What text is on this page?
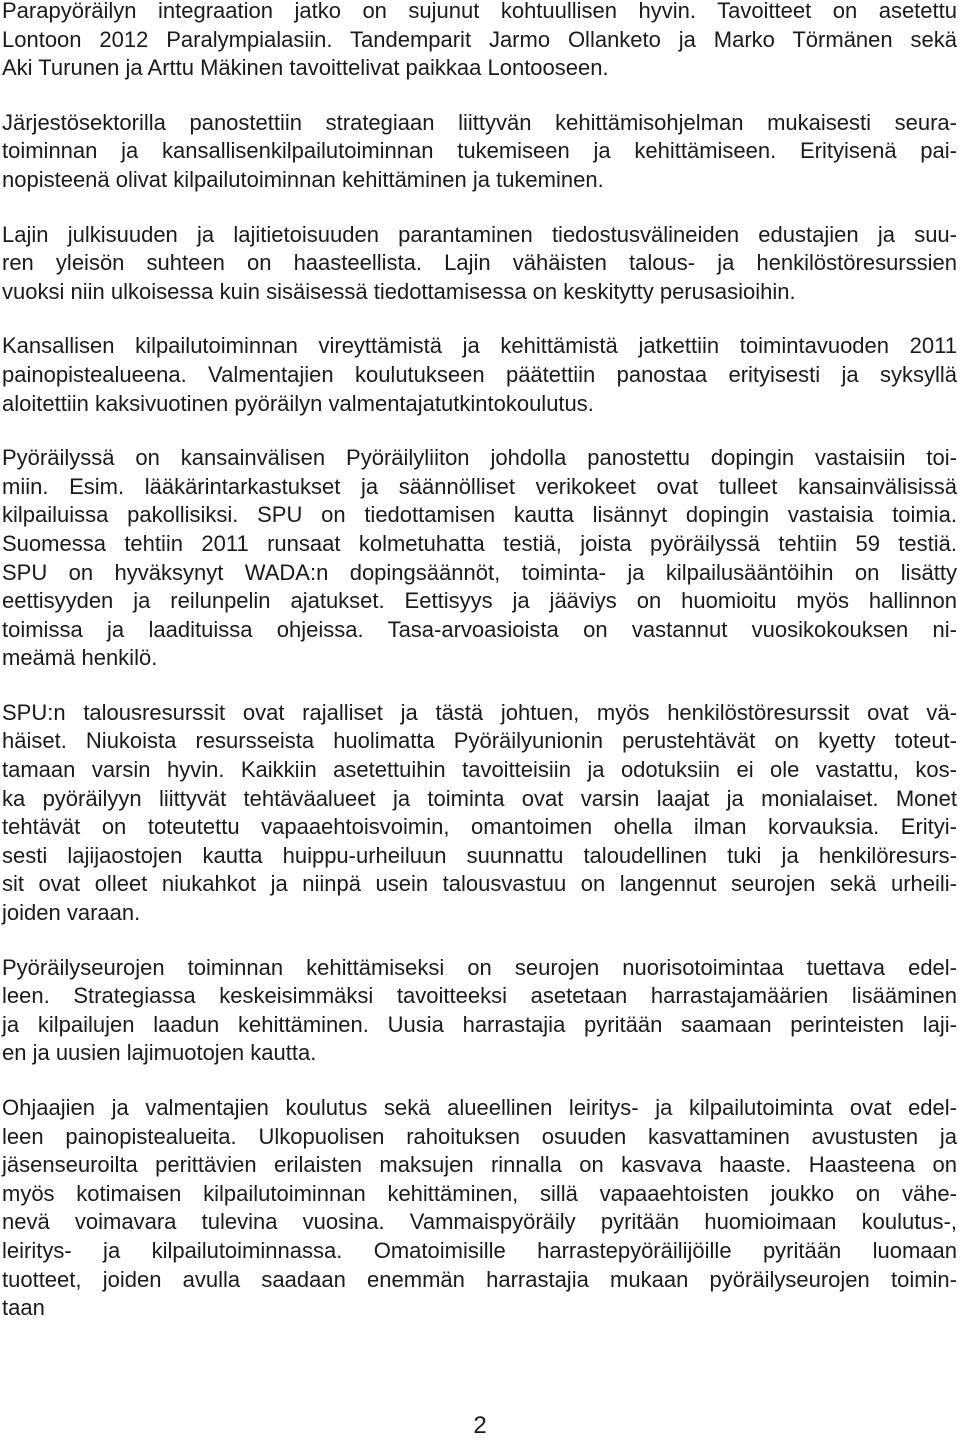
Parapyöräilyn integraation jatko on sujunut kohtuullisen hyvin. Tavoitteet on asetettu
Lontoon 2012 Paralympialasiin. Tandemparit Jarmo Ollanketo ja Marko Törmänen sekä
Aki Turunen ja Arttu Mäkinen tavoittelivat paikkaa Lontooseen.
Järjestösektorilla panostettiin strategiaan liittyvän kehittämisohjelman mukaisesti seura-
toiminnan ja kansallisenkilpailutoiminnan tukemiseen ja kehittämiseen. Erityisenä pai-
nopisteenä olivat kilpailutoiminnan kehittäminen ja tukeminen.
Lajin julkisuuden ja lajitietoisuuden parantaminen tiedostusvälineiden edustajien ja suu-
ren yleisön suhteen on haasteellista. Lajin vähäisten talous- ja henkilöstöresurssien
vuoksi niin ulkoisessa kuin sisäisessä tiedottamisessa on keskitytty perusasioihin.
Kansallisen kilpailutoiminnan vireyttämistä ja kehittämistä jatkettiin toimintavuoden 2011
painopistealueena. Valmentajien koulutukseen päätettiin panostaa erityisesti ja syksyllä
aloitettiin kaksivuotinen pyöräilyn valmentajatutkintokoulutus.
Pyöräilyssä on kansainvälisen Pyöräilyliiton johdolla panostettu dopingin vastaisiin toi-
miin. Esim. lääkärintarkastukset ja säännölliset verikokeet ovat tulleet kansainvälisissä
kilpailuissa pakollisiksi. SPU on tiedottamisen kautta lisännyt dopingin vastaisia toimia.
Suomessa tehtiin 2011 runsaat kolmetuhatta testiä, joista pyöräilyssä tehtiin 59 testiä.
SPU on hyväksynyt WADA:n dopingsäännöt, toiminta- ja kilpailusääntöihin on lisätty
eettisyyden ja reilunpelin ajatukset. Eettisyys ja jääviys on huomioitu myös hallinnon
toimissa ja laadituissa ohjeissa. Tasa-arvoasioista on vastannut vuosikokouksen ni-
meämä henkilö.
SPU:n talousresurssit ovat rajalliset ja tästä johtuen, myös henkilöstöresurssit ovat vä-
häiset. Niukoista resursseista huolimatta Pyöräilyunionin perustehtävät on kyetty toteut-
tamaan varsin hyvin. Kaikkiin asetettuihin tavoitteisiin ja odotuksiin ei ole vastattu, kos-
ka pyöräilyyn liittyvät tehtäväalueet ja toiminta ovat varsin laajat ja monialaiset. Monet
tehtävät on toteutettu vapaaehtoisvoimin, omantoimen ohella ilman korvauksia. Erityi-
sesti lajijaostojen kautta huippu-urheiluun suunnattu taloudellinen tuki ja henkilöresurs-
sit ovat olleet niukahkot ja niinpä usein talousvastuu on langennut seurojen sekä urheili-
joiden varaan.
Pyöräilyseurojen toiminnan kehittämiseksi on seurojen nuorisotoimintaa tuettava edel-
leen. Strategiassa keskeisimmäksi tavoitteeksi asetetaan harrastajamäärien lisääminen
ja kilpailujen laadun kehittäminen. Uusia harrastajia pyritään saamaan perinteisten laji-
en ja uusien lajimuotojen kautta.
Ohjaajien ja valmentajien koulutus sekä alueellinen leiritys- ja kilpailutoiminta ovat edel-
leen painopistealueita. Ulkopuolisen rahoituksen osuuden kasvattaminen avustusten ja
jäsenseuroilta perittävien erilaisten maksujen rinnalla on kasvava haaste. Haasteena on
myös kotimaisen kilpailutoiminnan kehittäminen, sillä vapaaehtoisten joukko on vähe-
nevä voimavara tulevina vuosina. Vammaispyöräily pyritään huomioimaan koulutus-,
leiritys- ja kilpailutoiminnassa. Omatoimisille harrastepyöräilijöille pyritään luomaan
tuotteet, joiden avulla saadaan enemmän harrastajia mukaan pyöräilyseurojen toimin-
taan
2
